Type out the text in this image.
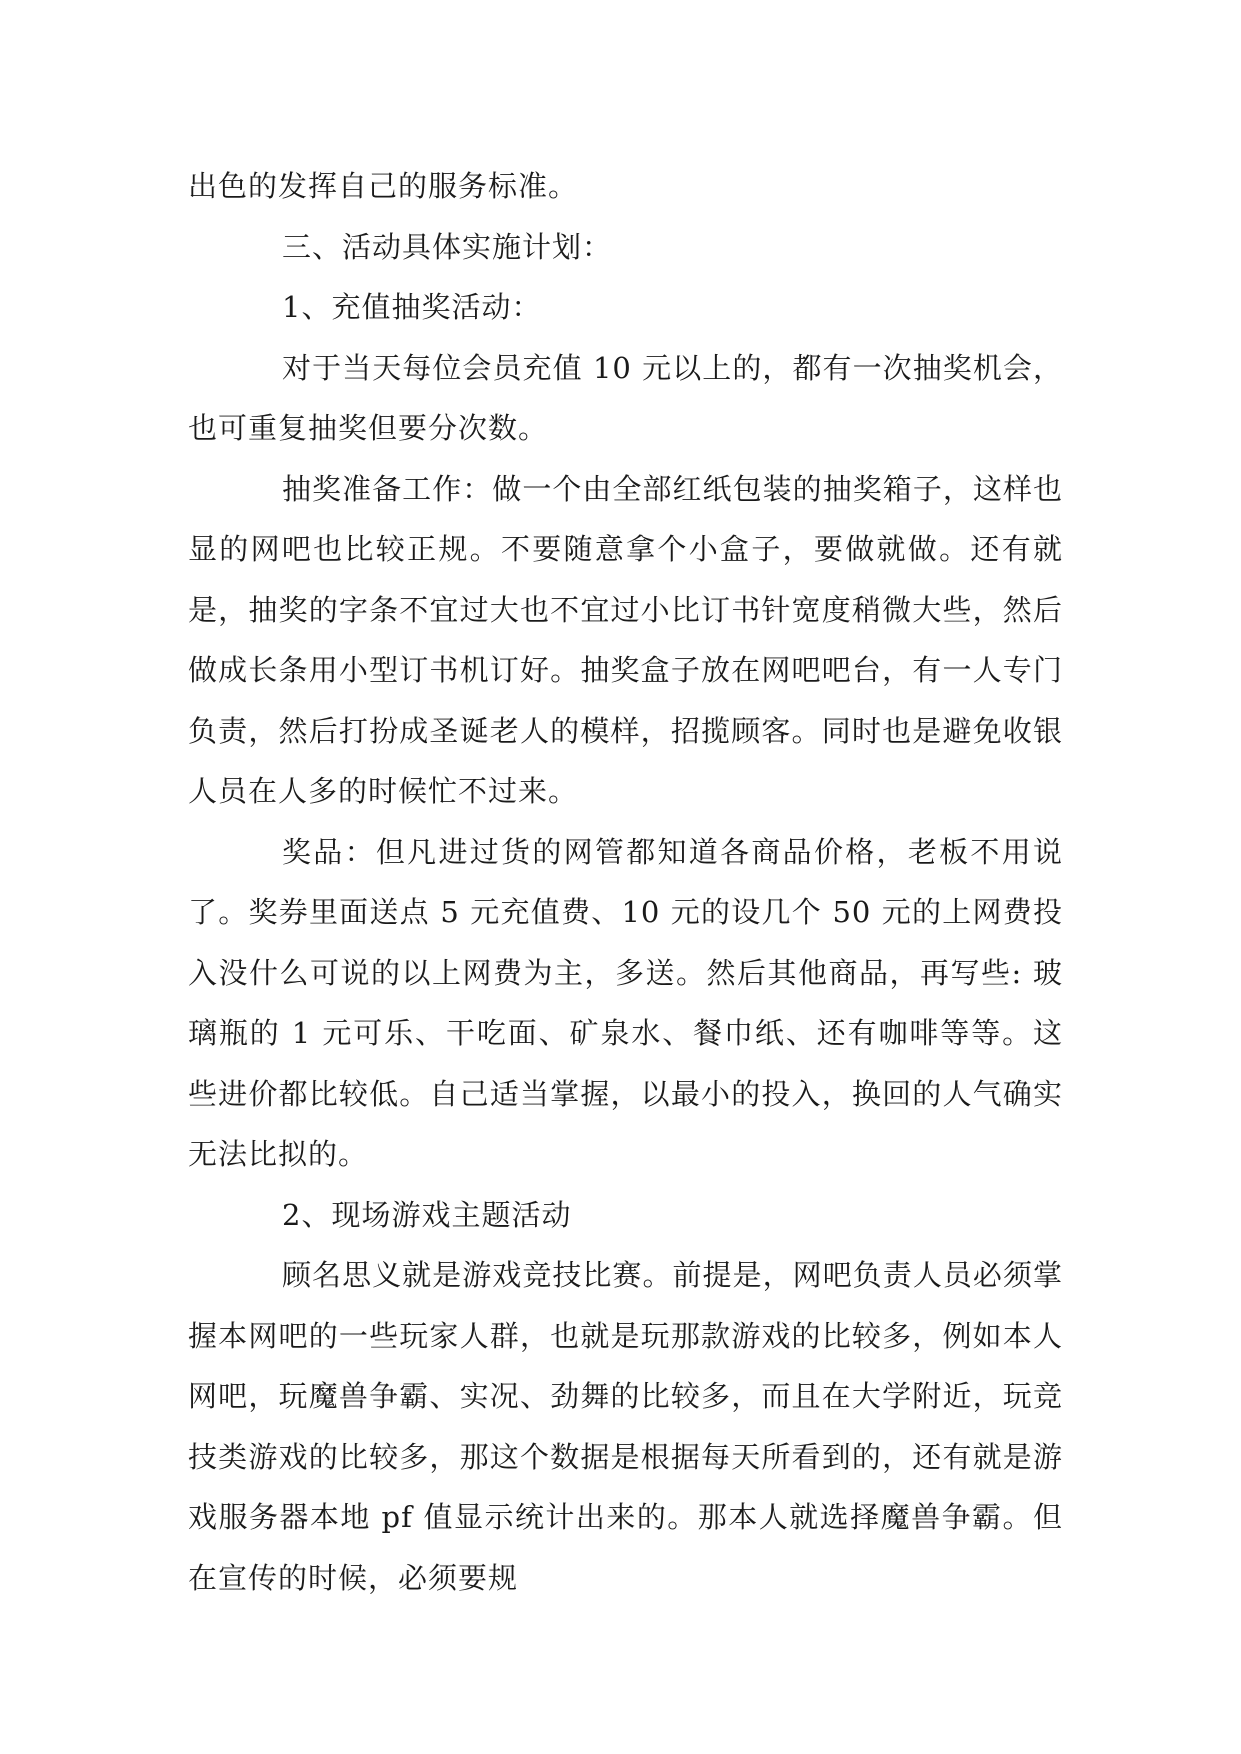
出色的发挥自己的服务标准。

三、活动具体实施计划：

1、充值抽奖活动：

对于当天每位会员充值 10 元以上的，都有一次抽奖机会，也可重复抽奖但要分次数。

抽奖准备工作：做一个由全部红纸包装的抽奖箱子，这样也显的网吧也比较正规。不要随意拿个小盒子，要做就做。还有就是，抽奖的字条不宜过大也不宜过小比订书针宽度稍微大些，然后做成长条用小型订书机订好。抽奖盒子放在网吧吧台，有一人专门负责，然后打扮成圣诞老人的模样，招揽顾客。同时也是避免收银人员在人多的时候忙不过来。

奖品：但凡进过货的网管都知道各商品价格，老板不用说了。奖券里面送点 5 元充值费、10 元的设几个 50 元的上网费投入没什么可说的以上网费为主，多送。然后其他商品，再写些: 玻璃瓶的 1 元可乐、干吃面、矿泉水、餐巾纸、还有咖啡等等。这些进价都比较低。自己适当掌握，以最小的投入，换回的人气确实无法比拟的。

2、现场游戏主题活动

顾名思义就是游戏竞技比赛。前提是，网吧负责人员必须掌握本网吧的一些玩家人群，也就是玩那款游戏的比较多，例如本人网吧，玩魔兽争霸、实况、劲舞的比较多，而且在大学附近，玩竞技类游戏的比较多，那这个数据是根据每天所看到的，还有就是游戏服务器本地 pf 值显示统计出来的。那本人就选择魔兽争霸。但在宣传的时候，必须要规
